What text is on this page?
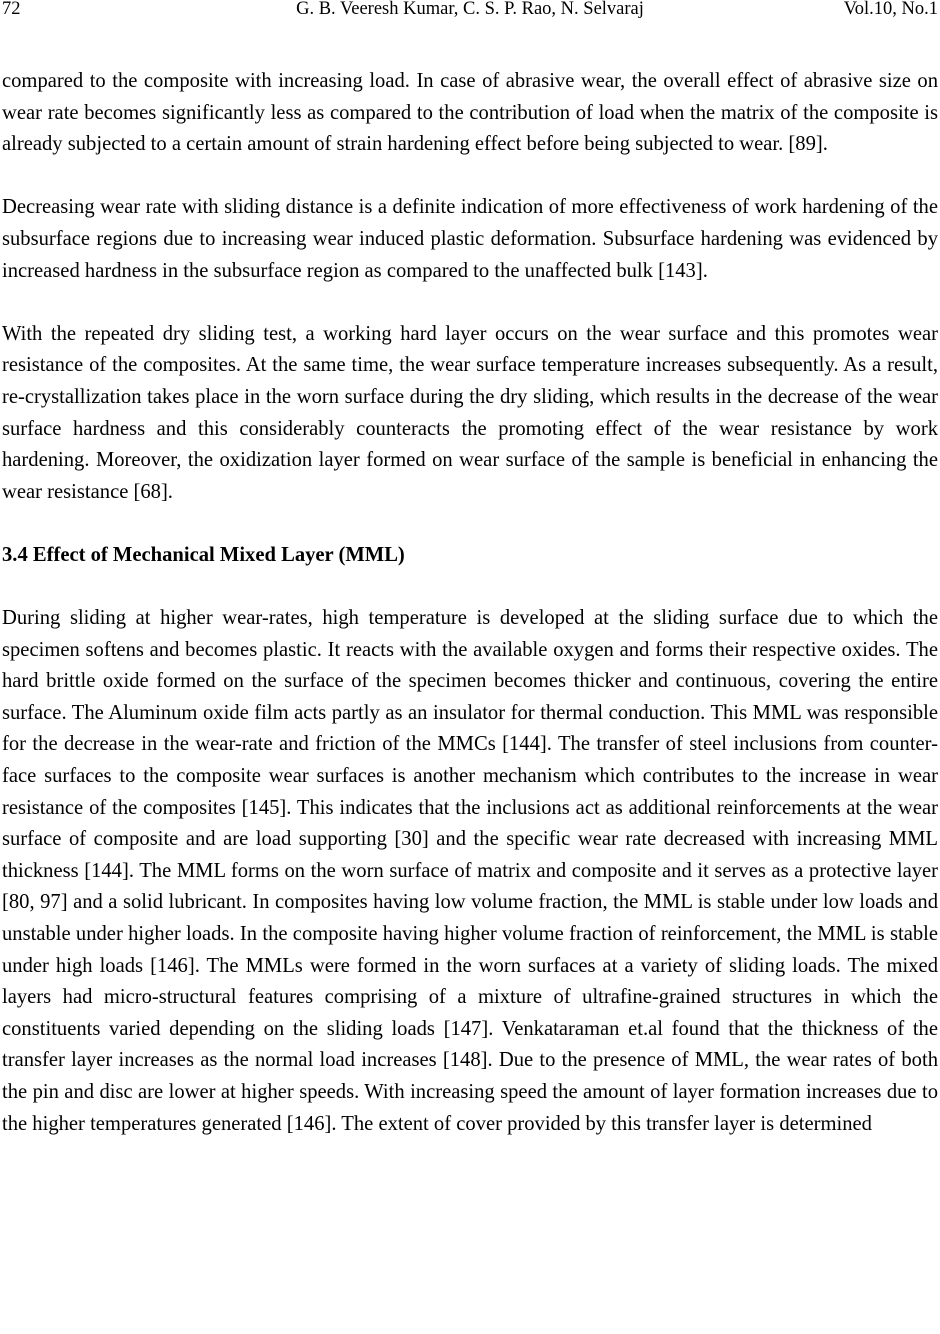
72	G. B. Veeresh Kumar, C. S. P. Rao, N. Selvaraj	Vol.10, No.1

compared to the composite with increasing load. In case of abrasive wear, the overall effect of abrasive size on wear rate becomes significantly less as compared to the contribution of load when the matrix of the composite is already subjected to a certain amount of strain hardening effect before being subjected to wear. [89].

Decreasing wear rate with sliding distance is a definite indication of more effectiveness of work hardening of the subsurface regions due to increasing wear induced plastic deformation. Subsurface hardening was evidenced by increased hardness in the subsurface region as compared to the unaffected bulk [143].

With the repeated dry sliding test, a working hard layer occurs on the wear surface and this promotes wear resistance of the composites. At the same time, the wear surface temperature increases subsequently. As a result, re-crystallization takes place in the worn surface during the dry sliding, which results in the decrease of the wear surface hardness and this considerably counteracts the promoting effect of the wear resistance by work hardening. Moreover, the oxidization layer formed on wear surface of the sample is beneficial in enhancing the wear resistance [68].

3.4 Effect of Mechanical Mixed Layer (MML)

During sliding at higher wear-rates, high temperature is developed at the sliding surface due to which the specimen softens and becomes plastic. It reacts with the available oxygen and forms their respective oxides. The hard brittle oxide formed on the surface of the specimen becomes thicker and continuous, covering the entire surface. The Aluminum oxide film acts partly as an insulator for thermal conduction. This MML was responsible for the decrease in the wear-rate and friction of the MMCs [144]. The transfer of steel inclusions from counter-face surfaces to the composite wear surfaces is another mechanism which contributes to the increase in wear resistance of the composites [145]. This indicates that the inclusions act as additional reinforcements at the wear surface of composite and are load supporting [30] and the specific wear rate decreased with increasing MML thickness [144]. The MML forms on the worn surface of matrix and composite and it serves as a protective layer [80, 97] and a solid lubricant. In composites having low volume fraction, the MML is stable under low loads and unstable under higher loads. In the composite having higher volume fraction of reinforcement, the MML is stable under high loads [146]. The MMLs were formed in the worn surfaces at a variety of sliding loads. The mixed layers had micro-structural features comprising of a mixture of ultrafine-grained structures in which the constituents varied depending on the sliding loads [147]. Venkataraman et.al found that the thickness of the transfer layer increases as the normal load increases [148]. Due to the presence of MML, the wear rates of both the pin and disc are lower at higher speeds. With increasing speed the amount of layer formation increases due to the higher temperatures generated [146]. The extent of cover provided by this transfer layer is determined
